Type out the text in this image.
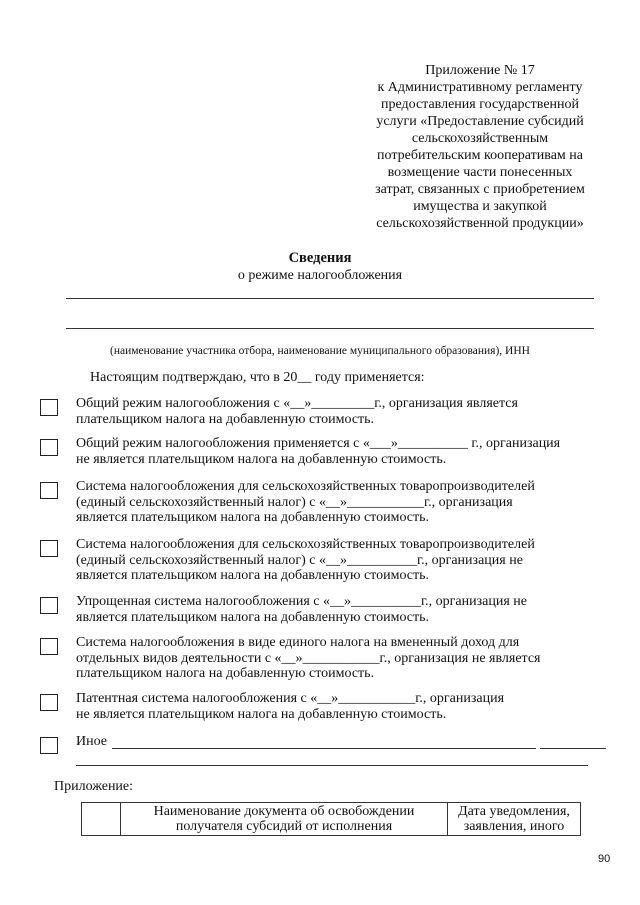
Приложение № 17
к Административному регламенту
предоставления государственной
услуги «Предоставление субсидий
сельскохозяйственным
потребительским кооперативам на
возмещение части понесенных
затрат, связанных с приобретением
имущества и закупкой
сельскохозяйственной продукции»
Сведения
о режиме налогообложения
(наименование участника отбора, наименование муниципального образования), ИНН
Настоящим подтверждаю, что в 20__ году применяется:
Общий режим налогообложения с «__»_________г., организация является
плательщиком налога на добавленную стоимость.
Общий режим налогообложения применяется с «___»__________ г., организация
не является плательщиком налога на добавленную стоимость.
Система налогообложения для сельскохозяйственных товаропроизводителей
(единый сельскохозяйственный налог) с «__»___________г., организация
является плательщиком налога на добавленную стоимость.
Система налогообложения для сельскохозяйственных товаропроизводителей
(единый сельскохозяйственный налог) с «__»__________г., организация не
является плательщиком налога на добавленную стоимость.
Упрощенная система налогообложения с «__»__________г., организация не
является плательщиком налога на добавленную стоимость.
Система налогообложения в виде единого налога на вмененный доход для
отдельных видов деятельности с «__»___________г., организация не является
плательщиком налога на добавленную стоимость.
Патентная система налогообложения с «__»___________г., организация
не является плательщиком налога на добавленную стоимость.
Иное
Приложение:
	Наименование документа об освобождении получателя субсидий от исполнения	Дата уведомления, заявления, иного
90
